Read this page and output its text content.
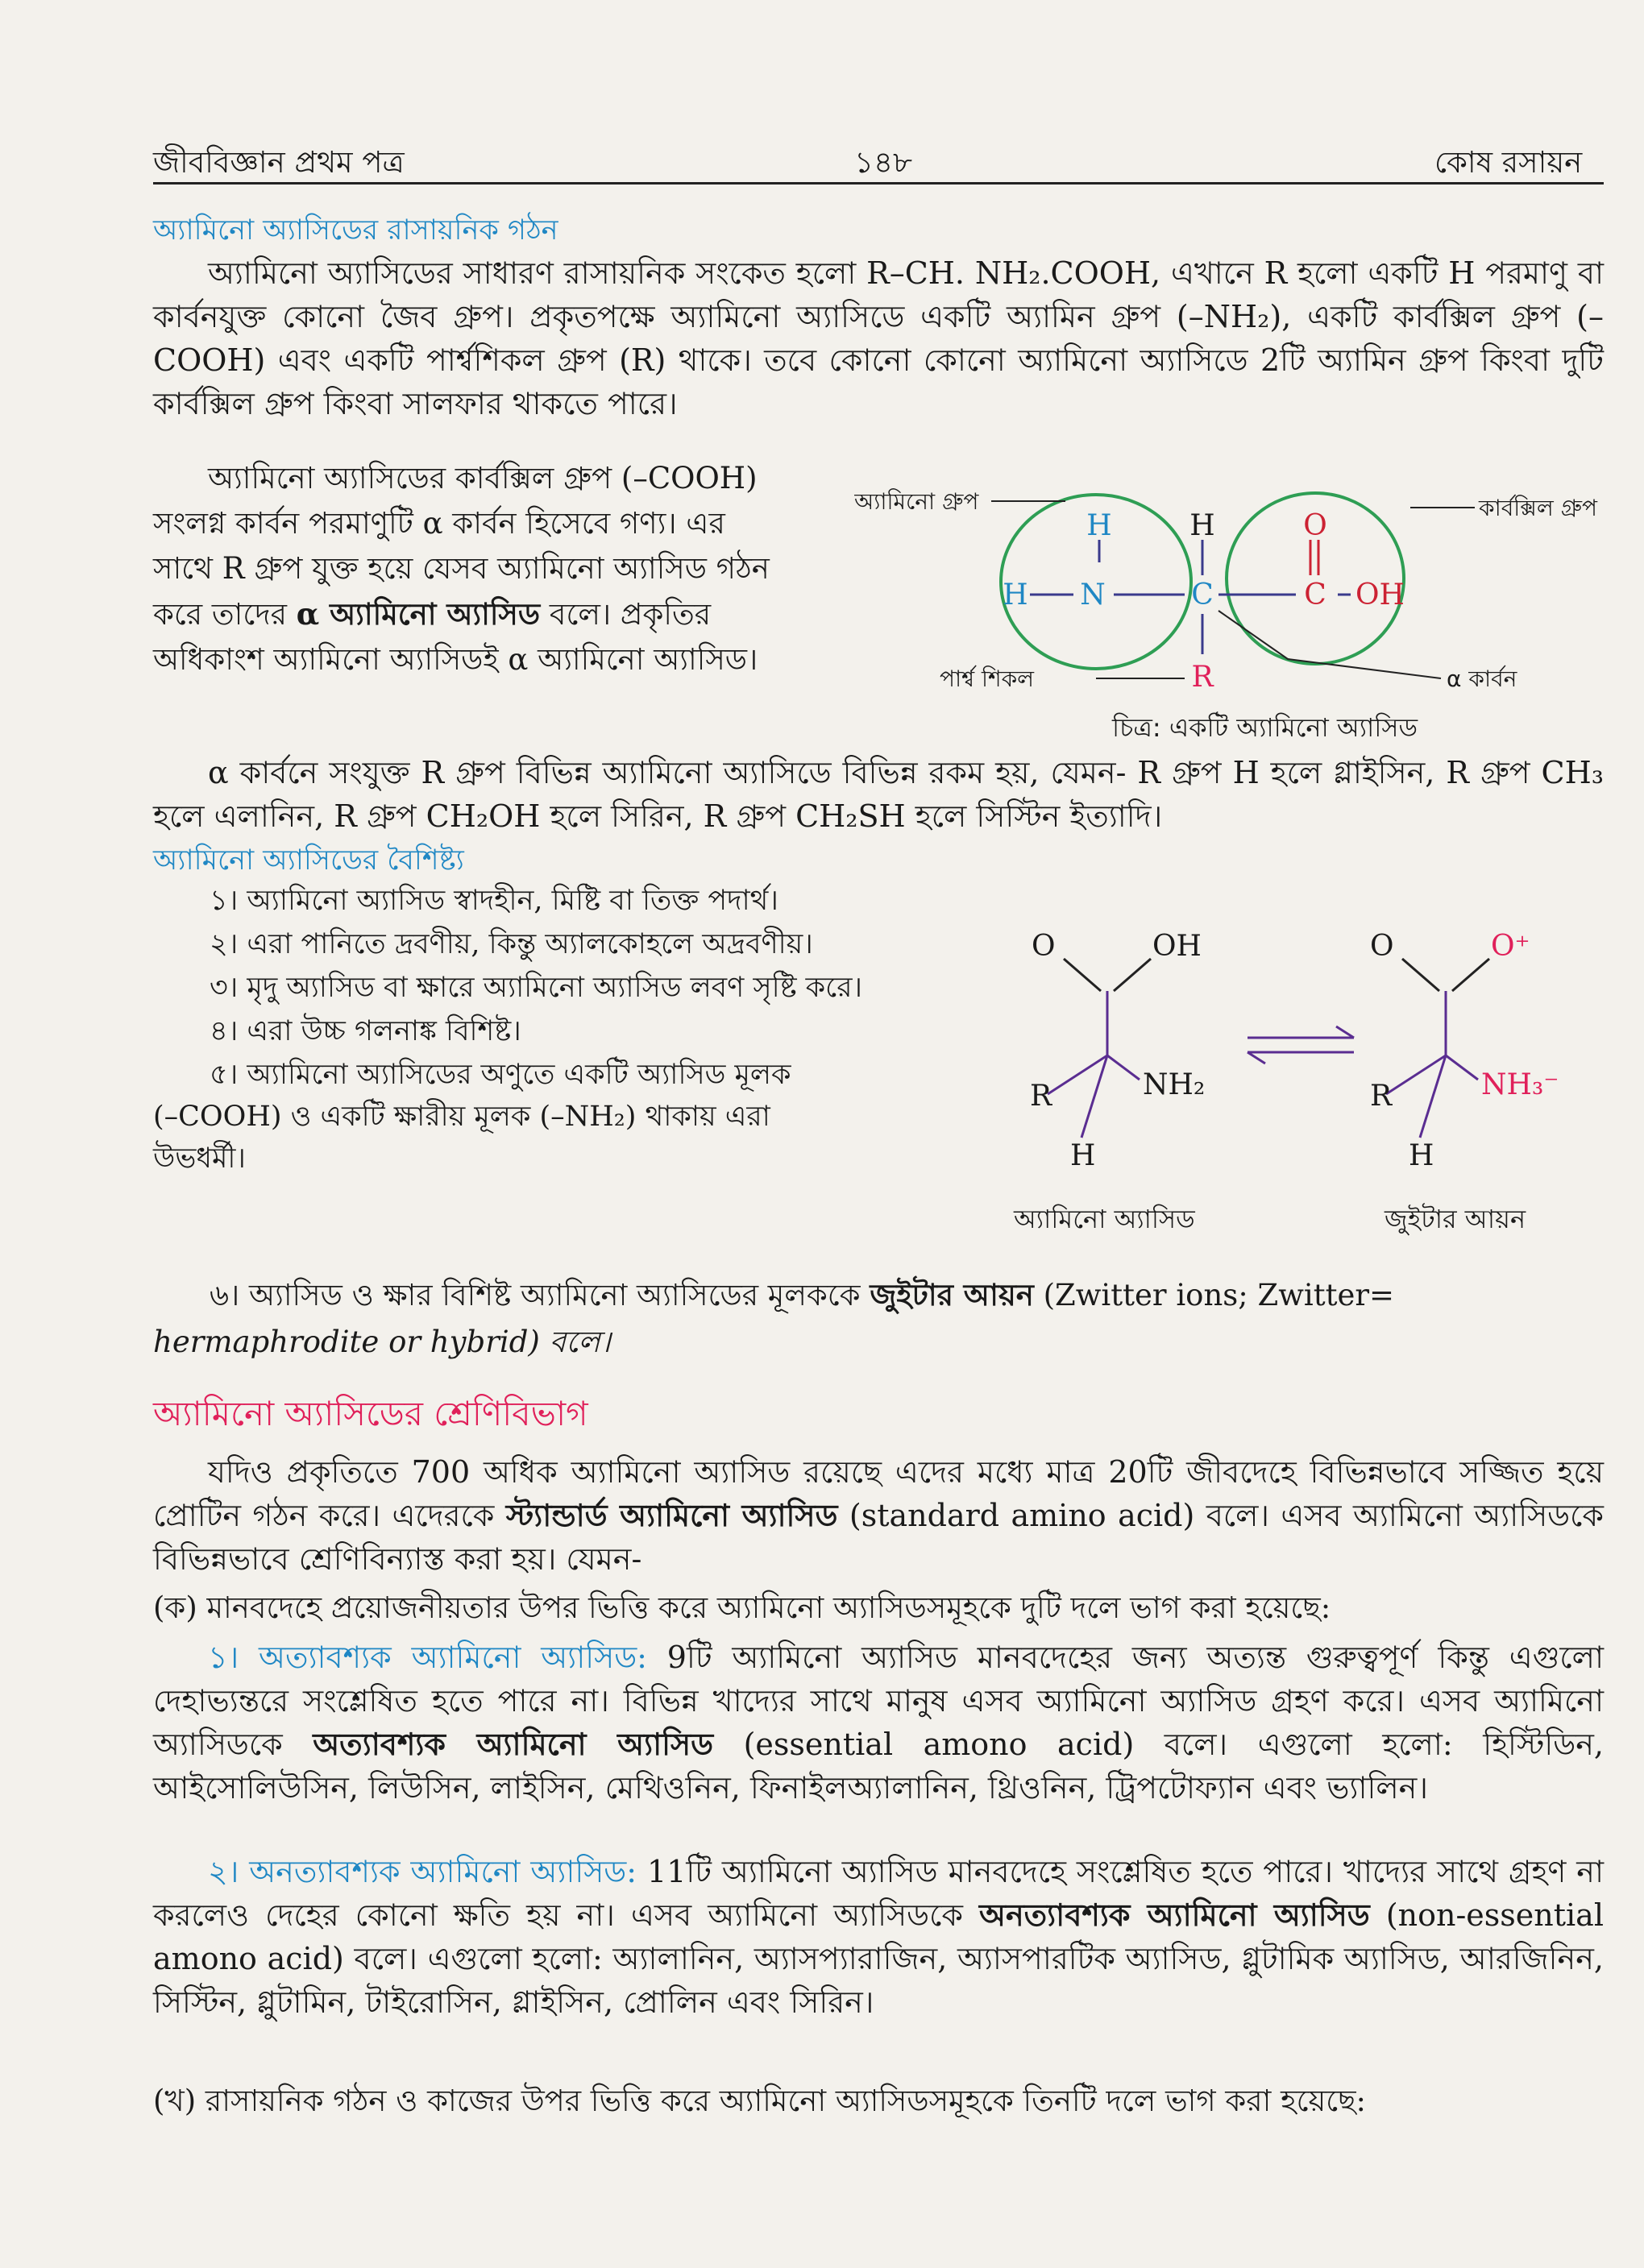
জীববিজ্ঞান প্রথম পত্র	১৪৮	কোষ রসায়ন
অ্যামিনো অ্যাসিডের রাসায়নিক গঠন
অ্যামিনো অ্যাসিডের সাধারণ রাসায়নিক সংকেত হলো R–CH. NH₂.COOH, এখানে R হলো একটি H পরমাণু বা কার্বনযুক্ত কোনো জৈব গ্রুপ। প্রকৃতপক্ষে অ্যামিনো অ্যাসিডে একটি অ্যামিন গ্রুপ (–NH₂), একটি কার্বক্সিল গ্রুপ (–COOH) এবং একটি পার্শ্বশিকল গ্রুপ (R) থাকে। তবে কোনো কোনো অ্যামিনো অ্যাসিডে 2টি অ্যামিন গ্রুপ কিংবা দুটি কার্বক্সিল গ্রুপ কিংবা সালফার থাকতে পারে।
অ্যামিনো অ্যাসিডের কার্বক্সিল গ্রুপ (–COOH)
সংলগ্ন কার্বন পরমাণুটি α কার্বন হিসেবে গণ্য। এর
সাথে R গ্রুপ যুক্ত হয়ে যেসব অ্যামিনো অ্যাসিড গঠন
করে তাদের α অ্যামিনো অ্যাসিড বলে। প্রকৃতির
অধিকাংশ অ্যামিনো অ্যাসিডই α অ্যামিনো অ্যাসিড।
H
H N
H
C
O
C OH
R
অ্যামিনো গ্রুপ	কার্বক্সিল গ্রুপ
পার্শ্ব শিকল	α কার্বন
চিত্র: একটি অ্যামিনো অ্যাসিড
α কার্বনে সংযুক্ত R গ্রুপ বিভিন্ন অ্যামিনো অ্যাসিডে বিভিন্ন রকম হয়, যেমন- R গ্রুপ H হলে গ্লাইসিন, R গ্রুপ CH₃ হলে এলানিন, R গ্রুপ CH₂OH হলে সিরিন, R গ্রুপ CH₂SH হলে সিস্টিন ইত্যাদি।
অ্যামিনো অ্যাসিডের বৈশিষ্ট্য
১। অ্যামিনো অ্যাসিড স্বাদহীন, মিষ্টি বা তিক্ত পদার্থ।
২। এরা পানিতে দ্রবণীয়, কিন্তু অ্যালকোহলে অদ্রবণীয়।
৩। মৃদু অ্যাসিড বা ক্ষারে অ্যামিনো অ্যাসিড লবণ সৃষ্টি করে।
৪। এরা উচ্চ গলনাঙ্ক বিশিষ্ট।
৫। অ্যামিনো অ্যাসিডের অণুতে একটি অ্যাসিড মূলক
(–COOH) ও একটি ক্ষারীয় মূলক (–NH₂) থাকায় এরা
উভধর্মী।
৬। অ্যাসিড ও ক্ষার বিশিষ্ট অ্যামিনো অ্যাসিডের মূলককে জুইটার আয়ন (Zwitter ions; Zwitter=
hermaphrodite or hybrid) বলে।
O	OH
R	NH₂
H
O	O⁺
R	NH₃⁻
H
অ্যামিনো অ্যাসিড	জুইটার আয়ন
অ্যামিনো অ্যাসিডের শ্রেণিবিভাগ
যদিও প্রকৃতিতে 700 অধিক অ্যামিনো অ্যাসিড রয়েছে এদের মধ্যে মাত্র 20টি জীবদেহে বিভিন্নভাবে সজ্জিত হয়ে প্রোটিন গঠন করে। এদেরকে স্ট্যান্ডার্ড অ্যামিনো অ্যাসিড (standard amino acid) বলে। এসব অ্যামিনো অ্যাসিডকে বিভিন্নভাবে শ্রেণিবিন্যাস্ত করা হয়। যেমন-
(ক) মানবদেহে প্রয়োজনীয়তার উপর ভিত্তি করে অ্যামিনো অ্যাসিডসমূহকে দুটি দলে ভাগ করা হয়েছে:
১। অত্যাবশ্যক অ্যামিনো অ্যাসিড: 9টি অ্যামিনো অ্যাসিড মানবদেহের জন্য অত্যন্ত গুরুত্বপূর্ণ কিন্তু এগুলো দেহাভ্যন্তরে সংশ্লেষিত হতে পারে না। বিভিন্ন খাদ্যের সাথে মানুষ এসব অ্যামিনো অ্যাসিড গ্রহণ করে। এসব অ্যামিনো অ্যাসিডকে অত্যাবশ্যক অ্যামিনো অ্যাসিড (essential amono acid) বলে। এগুলো হলো: হিস্টিডিন, আইসোলিউসিন, লিউসিন, লাইসিন, মেথিওনিন, ফিনাইলঅ্যালানিন, থ্রিওনিন, ট্রিপটোফ্যান এবং ভ্যালিন।
২। অনত্যাবশ্যক অ্যামিনো অ্যাসিড: 11টি অ্যামিনো অ্যাসিড মানবদেহে সংশ্লেষিত হতে পারে। খাদ্যের সাথে গ্রহণ না করলেও দেহের কোনো ক্ষতি হয় না। এসব অ্যামিনো অ্যাসিডকে অনত্যাবশ্যক অ্যামিনো অ্যাসিড (non-essential amono acid) বলে। এগুলো হলো: অ্যালানিন, অ্যাসপ্যারাজিন, অ্যাসপারটিক অ্যাসিড, গ্লুটামিক অ্যাসিড, আরজিনিন, সিস্টিন, গ্লুটামিন, টাইরোসিন, গ্লাইসিন, প্রোলিন এবং সিরিন।
(খ) রাসায়নিক গঠন ও কাজের উপর ভিত্তি করে অ্যামিনো অ্যাসিডসমূহকে তিনটি দলে ভাগ করা হয়েছে:
